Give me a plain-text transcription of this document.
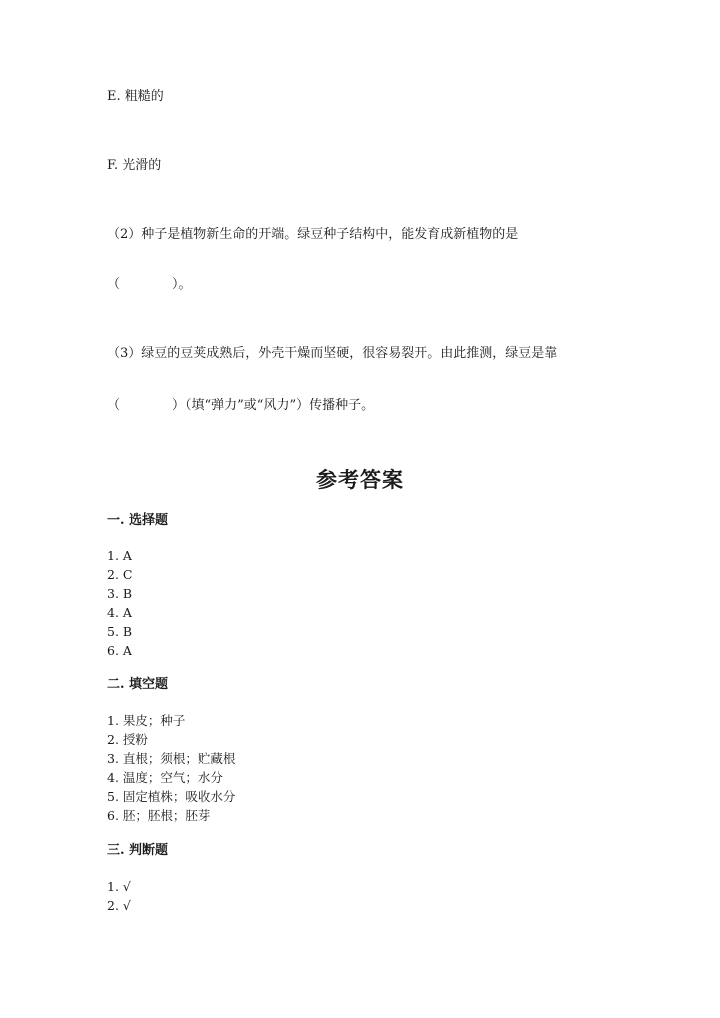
E. 粗糙的
F. 光滑的
（2）种子是植物新生命的开端。绿豆种子结构中，能发育成新植物的是
（　　　　）。
（3）绿豆的豆荚成熟后，外壳干燥而坚硬，很容易裂开。由此推测，绿豆是靠
（　　　　）（填“弹力”或“风力”）传播种子。
参考答案
一. 选择题
1. A
2. C
3. B
4. A
5. B
6. A
二. 填空题
1. 果皮；种子
2. 授粉
3. 直根；须根；贮藏根
4. 温度；空气；水分
5. 固定植株；吸收水分
6. 胚；胚根；胚芽
三. 判断题
1. √
2. √
